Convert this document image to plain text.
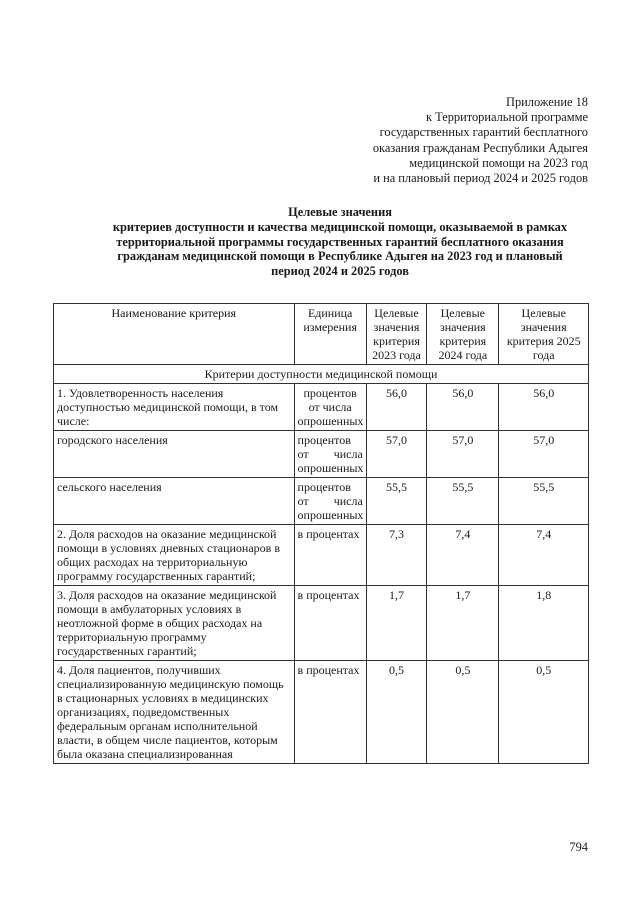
Приложение 18
к Территориальной программе
государственных гарантий бесплатного
оказания гражданам Республики Адыгея
медицинской помощи на 2023 год
и на плановый период 2024 и 2025 годов
Целевые значения
критериев доступности и качества медицинской помощи, оказываемой в рамках
территориальной программы государственных гарантий бесплатного оказания
гражданам медицинской помощи в Республике Адыгея на 2023 год и плановый
период 2024 и 2025 годов
Наименование критерия	Единица измерения	Целевые значения критерия 2023 года	Целевые значения критерия 2024 года	Целевые значения критерия 2025 года
Критерии доступности медицинской помощи				
1. Удовлетворенность населения доступностью медицинской помощи, в том числе:	процентов от числа опрошенных	56,0	56,0	56,0
городского населения	процентов от числа опрошенных	57,0	57,0	57,0
сельского населения	процентов от числа опрошенных	55,5	55,5	55,5
2. Доля расходов на оказание медицинской помощи в условиях дневных стационаров в общих расходах на территориальную программу государственных гарантий;	в процентах	7,3	7,4	7,4
3. Доля расходов на оказание медицинской помощи в амбулаторных условиях в неотложной форме в общих расходах на территориальную программу государственных гарантий;	в процентах	1,7	1,7	1,8
4. Доля пациентов, получивших специализированную медицинскую помощь в стационарных условиях в медицинских организациях, подведомственных федеральным органам исполнительной власти, в общем числе пациентов, которым была оказана специализированная	в процентах	0,5	0,5	0,5
794
